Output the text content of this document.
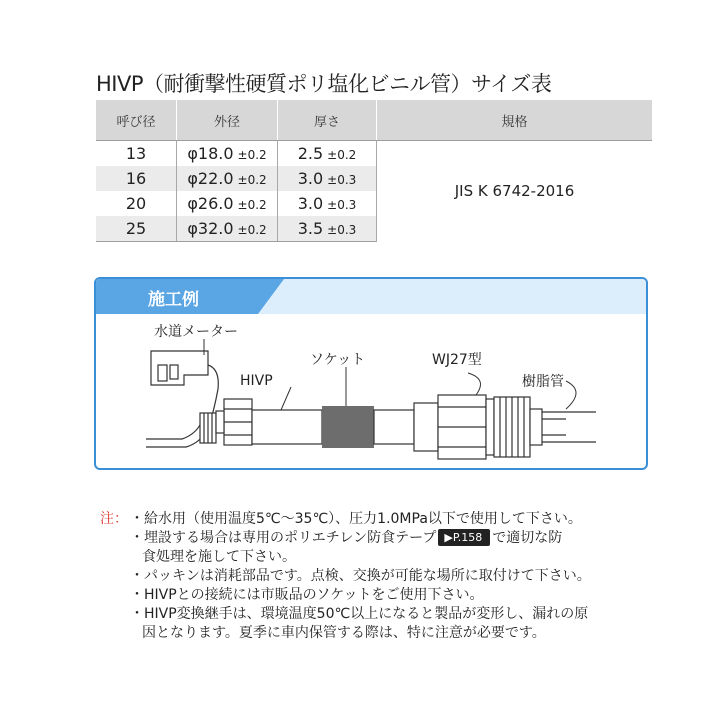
HIVP（耐衝撃性硬質ポリ塩化ビニル管）サイズ表
呼び径	外径	厚さ	規格
13	φ18.0 ±0.2	2.5 ±0.2	JIS K 6742-2016
16	φ22.0 ±0.2	3.0 ±0.3	
20	φ26.0 ±0.2	3.0 ±0.3	
25	φ32.0 ±0.2	3.5 ±0.3	
施工例
水道メーター
ソケット	WJ27型
HIVP	樹脂管
注： ・給水用（使用温度5℃～35℃）、圧力1.0MPa以下で使用して下さい。
・埋設する場合は専用のポリエチレン防食テープ ▶P.158 で適切な防
食処理を施して下さい。
・パッキンは消耗部品です。点検、交換が可能な場所に取付けて下さい。
・HIVPとの接続には市販品のソケットをご使用下さい。
・HIVP変換継手は、環境温度50℃以上になると製品が変形し、漏れの原
因となります。夏季に車内保管する際は、特に注意が必要です。
